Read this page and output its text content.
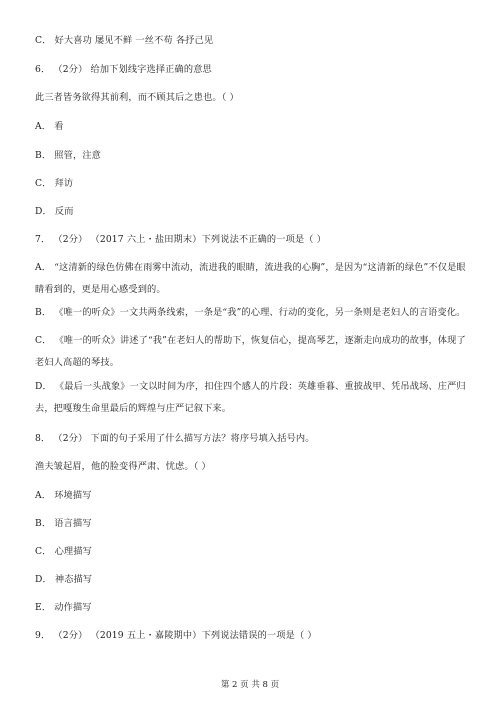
C． 好大喜功 屡见不鲜 一丝不苟 各抒己见
6． （2分） 给加下划线字选择正确的意思
此三者皆务欲得其前利，而不顾其后之患也。（ ）
A． 看
B． 照管，注意
C． 拜访
D． 反而
7． （2分） （2017 六上・盐田期末）下列说法不正确的一项是（ ）
A． “这清新的绿色仿佛在雨雾中流动，流进我的眼睛，流进我的心胸”，是因为“这清新的绿色”不仅是眼睛看到的，更是用心感受到的。
B． 《唯一的听众》一文共两条线索，一条是“我”的心理、行动的变化，另一条则是老妇人的言语变化。
C． 《唯一的听众》讲述了“我”在老妇人的帮助下，恢复信心，提高琴艺，逐渐走向成功的故事，体现了老妇人高超的琴技。
D． 《最后一头战象》一文以时间为序，扣住四个感人的片段：英雄垂暮、重披战甲、凭吊战场、庄严归去，把嘎羧生命里最后的辉煌与庄严记叙下来。
8． （2分） 下面的句子采用了什么描写方法？将序号填入括号内。
渔夫皱起眉，他的脸变得严肃、忧虑。（ ）
A． 环境描写
B． 语言描写
C． 心理描写
D． 神态描写
E． 动作描写
9． （2分） （2019 五上・嘉陵期中）下列说法错误的一项是（ ）
第 2 页 共 8 页
